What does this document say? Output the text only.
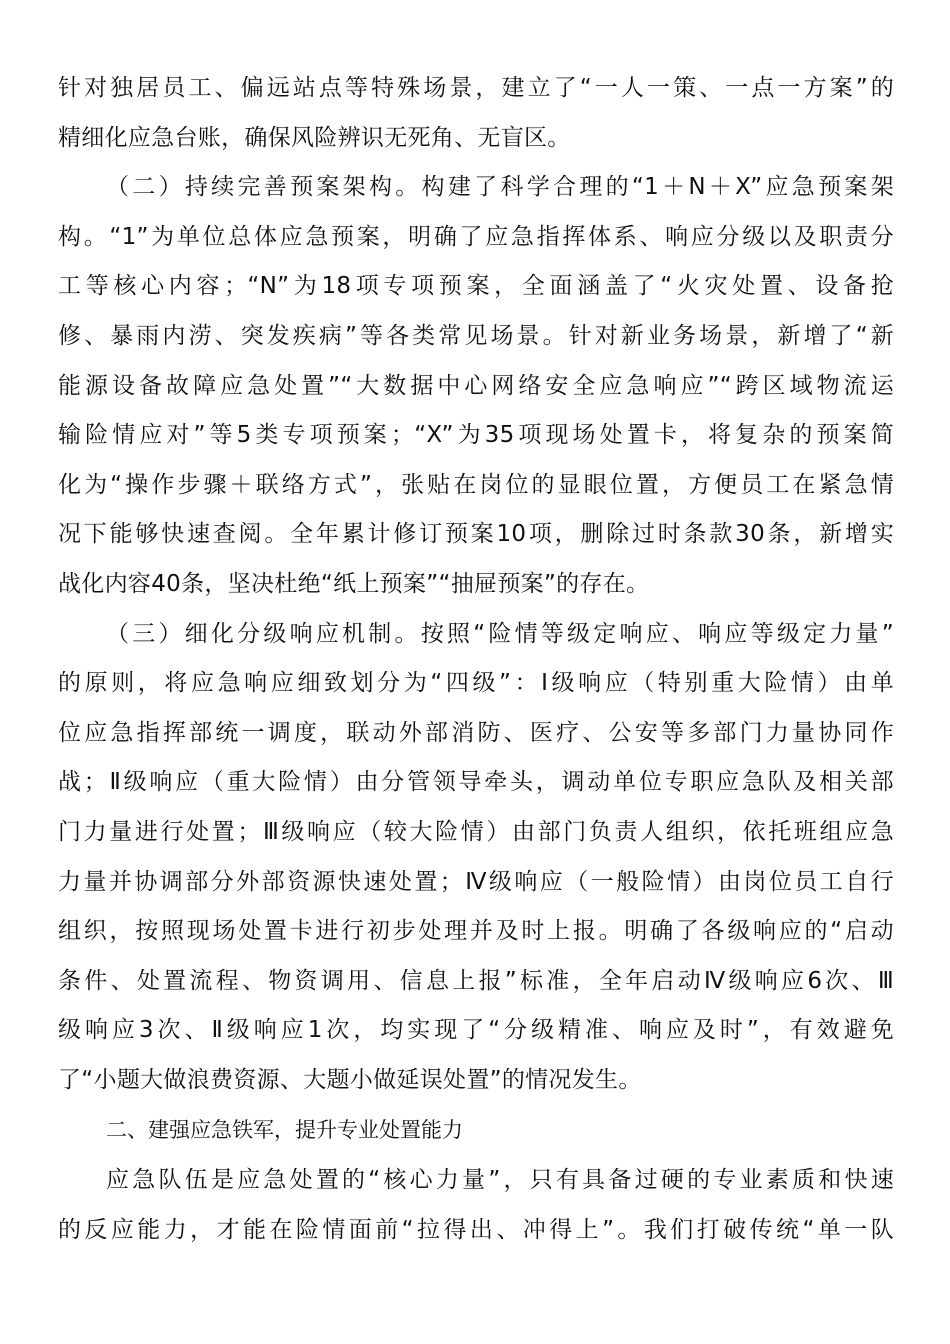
针对独居员工、偏远站点等特殊场景，建立了“一人一策、一点一方案”的
精细化应急台账，确保风险辨识无死角、无盲区。
（二）持续完善预案架构。构建了科学合理的“1＋N＋X”应急预案架
构。“1”为单位总体应急预案，明确了应急指挥体系、响应分级以及职责分
工等核心内容；“N”为18项专项预案，全面涵盖了“火灾处置、设备抢
修、暴雨内涝、突发疾病”等各类常见场景。针对新业务场景，新增了“新
能源设备故障应急处置”“大数据中心网络安全应急响应”“跨区域物流运
输险情应对”等5类专项预案；“X”为35项现场处置卡，将复杂的预案简
化为“操作步骤＋联络方式”，张贴在岗位的显眼位置，方便员工在紧急情
况下能够快速查阅。全年累计修订预案10项，删除过时条款30条，新增实
战化内容40条，坚决杜绝“纸上预案”“抽屉预案”的存在。
（三）细化分级响应机制。按照“险情等级定响应、响应等级定力量”
的原则，将应急响应细致划分为“四级”：Ⅰ级响应（特别重大险情）由单
位应急指挥部统一调度，联动外部消防、医疗、公安等多部门力量协同作
战；Ⅱ级响应（重大险情）由分管领导牵头，调动单位专职应急队及相关部
门力量进行处置；Ⅲ级响应（较大险情）由部门负责人组织，依托班组应急
力量并协调部分外部资源快速处置；Ⅳ级响应（一般险情）由岗位员工自行
组织，按照现场处置卡进行初步处理并及时上报。明确了各级响应的“启动
条件、处置流程、物资调用、信息上报”标准，全年启动Ⅳ级响应6次、Ⅲ
级响应3次、Ⅱ级响应1次，均实现了“分级精准、响应及时”，有效避免
了“小题大做浪费资源、大题小做延误处置”的情况发生。
二、建强应急铁军，提升专业处置能力
应急队伍是应急处置的“核心力量”，只有具备过硬的专业素质和快速
的反应能力，才能在险情面前“拉得出、冲得上”。我们打破传统“单一队
